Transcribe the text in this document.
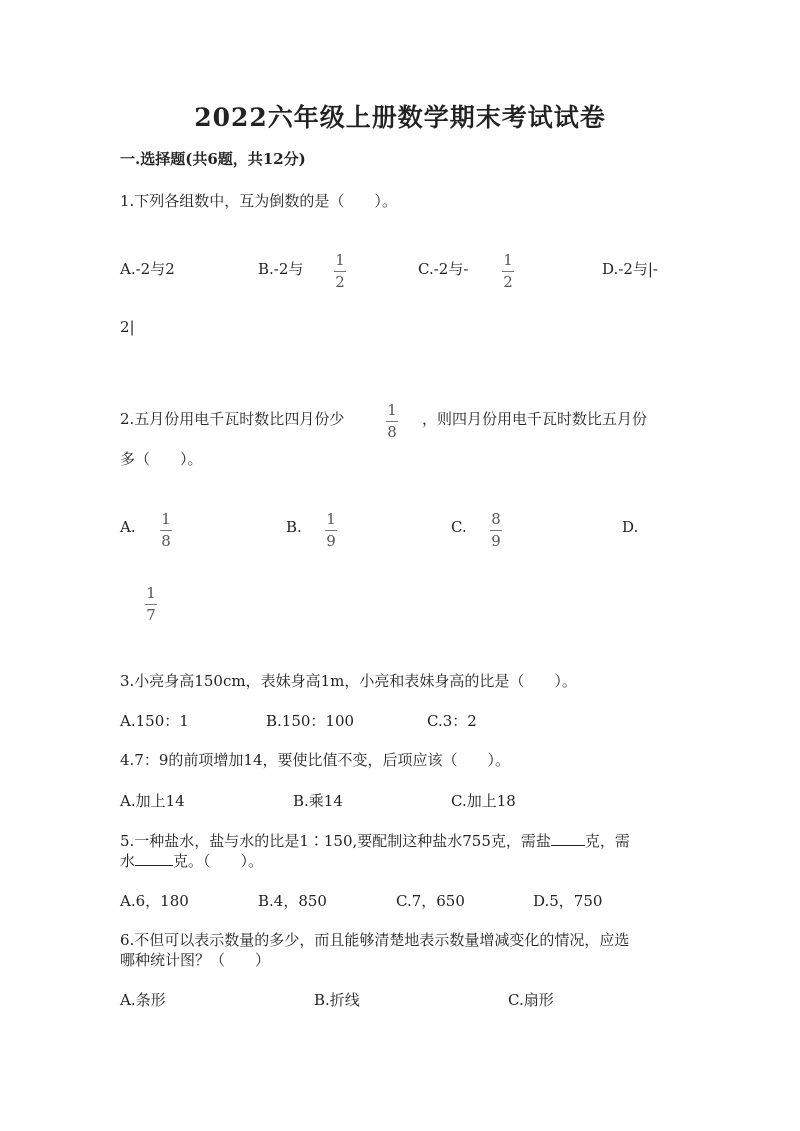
2022六年级上册数学期末考试试卷
一.选择题(共6题，共12分)
1.下列各组数中，互为倒数的是（　　）。
A.-2与2	B.-2与 1
2
C.-2与- 1
2
D.-2与|-
2|
2.五月份用电千瓦时数比四月份少	1
8
，则四月份用电千瓦时数比五月份
多（　　）。
A. 1
8
B. 1
9
C. 8
9
D.
1
7
3.小亮身高150cm，表妹身高1m，小亮和表妹身高的比是（　　）。
A.150：1	B.150：100	C.3：2
4.7：9的前项增加14，要使比值不变，后项应该（　　）。
A.加上14	B.乘14	C.加上18
5.一种盐水，盐与水的比是1∶150,要配制这种盐水755克，需盐 克，需
水	克。（　　）。
A.6，180	B.4，850	C.7，650	D.5，750
6.不但可以表示数量的多少，而且能够清楚地表示数量增减变化的情况，应选
哪种统计图？（　　）
A.条形	B.折线	C.扇形
